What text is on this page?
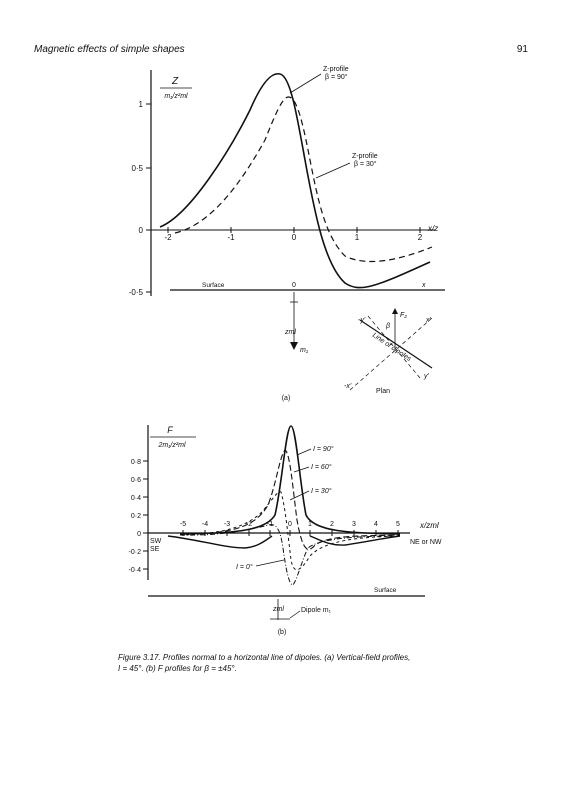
Magnetic effects of simple shapes	91
1
0·5
0
-0·5
Z
m₁/z²ml
-2	-1	0	1	2
x/z
Z-profile
β = 90°
Z-profile
β = 30°
Surface	0	x
zml
m₁
F₂
β
-y'	x'
y'
-x'
Line of dipoles
Plan
(a)
0·8
0·6
0·4
0·2
0
-0·2
-0·4
F
2m₁/z²ml
-5 -4 -3 -2 -1 0 1	2	3	4	5	x/zml
I = 90°
I = 60°
I = 30°
I = 0°
SW
SE
NE or NW
Surface
zml Dipole m₁
(b)
Figure 3.17. Profiles normal to a horizontal line of dipoles. (a) Vertical-field profiles,
I = 45°. (b) F profiles for β = ±45°.
